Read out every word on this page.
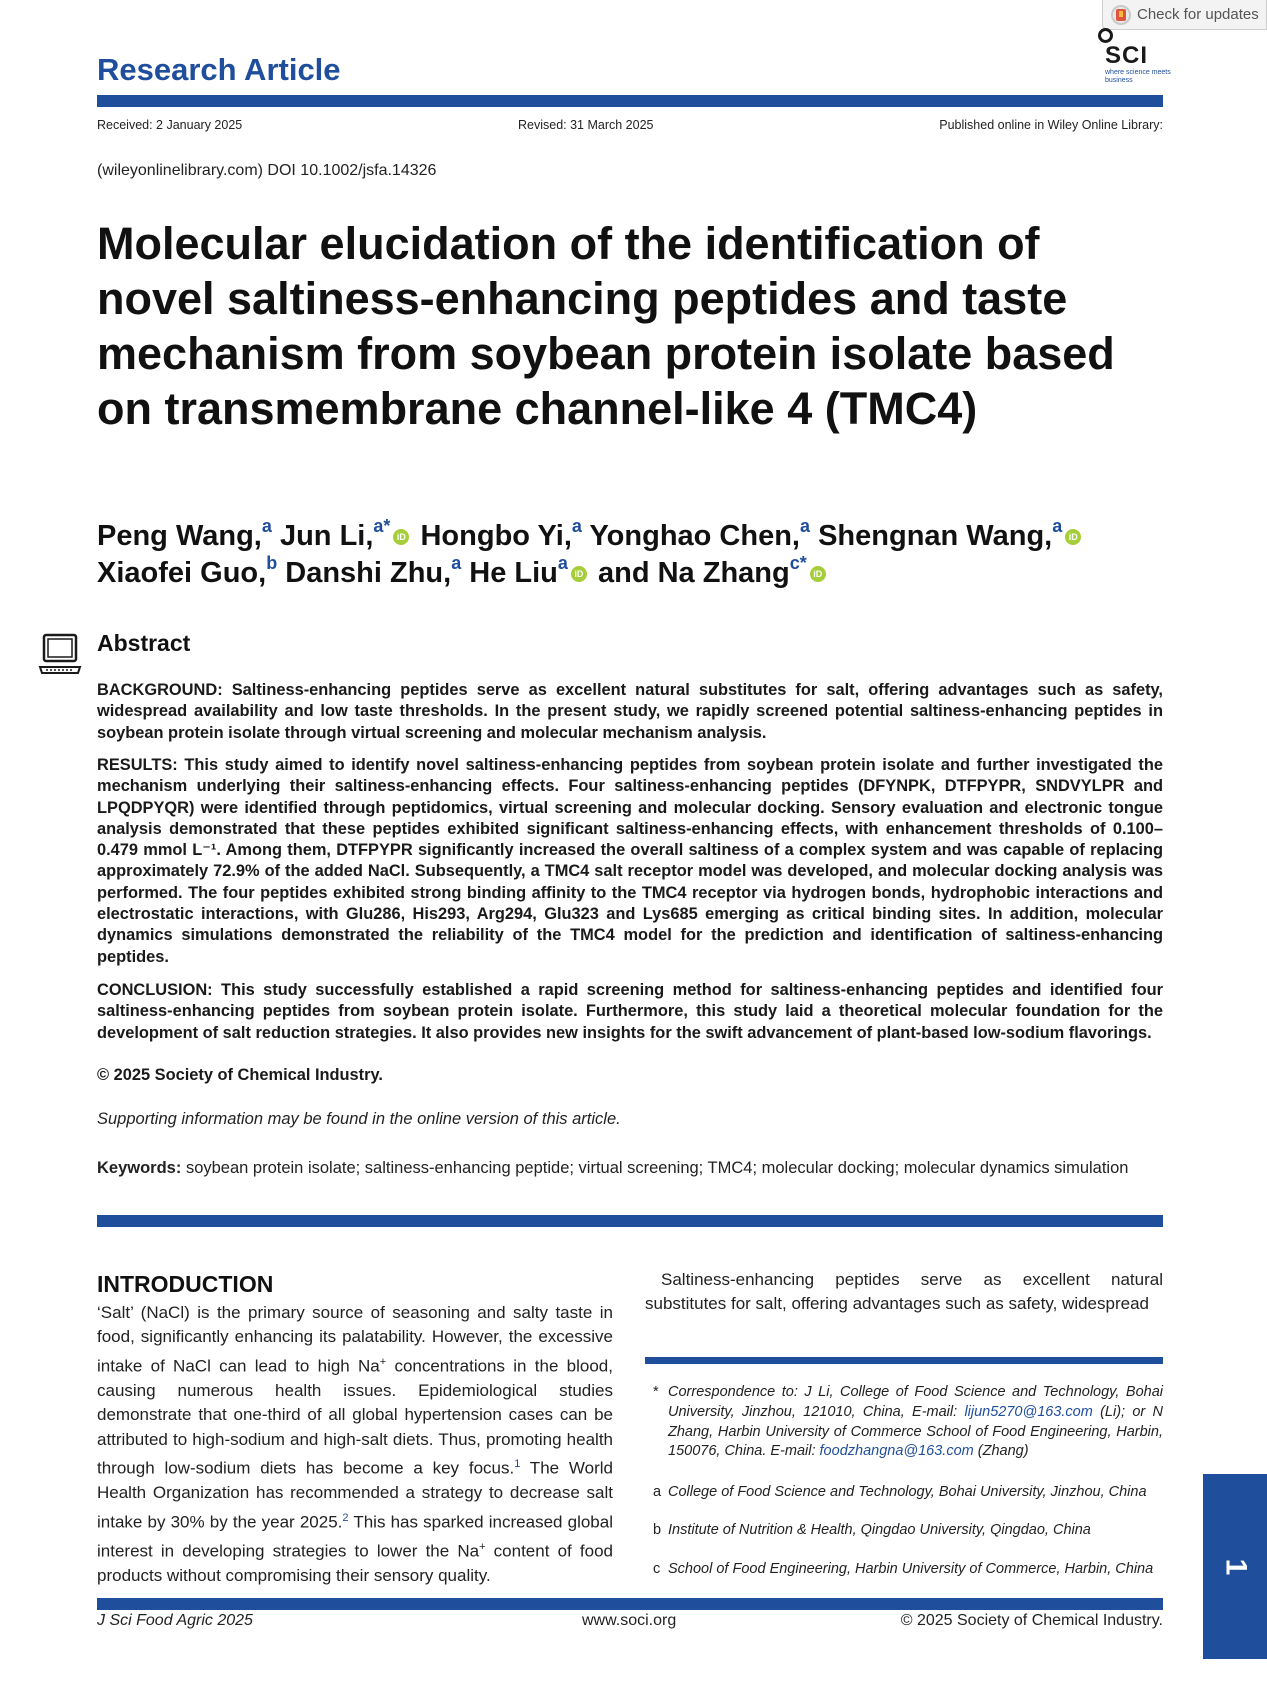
Check for updates
SCI
where science meets business
Research Article
Received: 2 January 2025	Revised: 31 March 2025	Published online in Wiley Online Library:
(wileyonlinelibrary.com) DOI 10.1002/jsfa.14326
Molecular elucidation of the identification of novel saltiness-enhancing peptides and taste mechanism from soybean protein isolate based on transmembrane channel-like 4 (TMC4)
Peng Wang,$^a$ Jun Li,$^{a*}$iD Hongbo Yi,$^a$ Yonghao Chen,$^a$ Shengnan Wang,$^a$iD
Xiaofei Guo,$^b$ Danshi Zhu,$^a$ He Liu$^a$iD and Na Zhang$^{c*}$iD
Abstract

BACKGROUND: Saltiness-enhancing peptides serve as excellent natural substitutes for salt, offering advantages such as safety, widespread availability and low taste thresholds. In the present study, we rapidly screened potential saltiness-enhancing peptides in soybean protein isolate through virtual screening and molecular mechanism analysis.

RESULTS: This study aimed to identify novel saltiness-enhancing peptides from soybean protein isolate and further investigated the mechanism underlying their saltiness-enhancing effects. Four saltiness-enhancing peptides (DFYNPK, DTFPYPR, SNDVYLPR and LPQDPYQR) were identified through peptidomics, virtual screening and molecular docking. Sensory evaluation and electronic tongue analysis demonstrated that these peptides exhibited significant saltiness-enhancing effects, with enhancement thresholds of 0.100–0.479 mmol L⁻¹. Among them, DTFPYPR significantly increased the overall saltiness of a complex system and was capable of replacing approximately 72.9% of the added NaCl. Subsequently, a TMC4 salt receptor model was developed, and molecular docking analysis was performed. The four peptides exhibited strong binding affinity to the TMC4 receptor via hydrogen bonds, hydrophobic interactions and electrostatic interactions, with Glu286, His293, Arg294, Glu323 and Lys685 emerging as critical binding sites. In addition, molecular dynamics simulations demonstrated the reliability of the TMC4 model for the prediction and identification of saltiness-enhancing peptides.

CONCLUSION: This study successfully established a rapid screening method for saltiness-enhancing peptides and identified four saltiness-enhancing peptides from soybean protein isolate. Furthermore, this study laid a theoretical molecular foundation for the development of salt reduction strategies. It also provides new insights for the swift advancement of plant-based low-sodium flavorings.

© 2025 Society of Chemical Industry.

Supporting information may be found in the online version of this article.

Keywords: soybean protein isolate; saltiness-enhancing peptide; virtual screening; TMC4; molecular docking; molecular dynamics simulation

INTRODUCTION

‘Salt’ (NaCl) is the primary source of seasoning and salty taste in food, significantly enhancing its palatability. However, the excessive intake of NaCl can lead to high Na+ concentrations in the blood, causing numerous health issues. Epidemiological studies demonstrate that one-third of all global hypertension cases can be attributed to high-sodium and high-salt diets. Thus, promoting health through low-sodium diets has become a key focus.$^1$ The World Health Organization has recommended a strategy to decrease salt intake by 30% by the year 2025.$^2$ This has sparked increased global interest in developing strategies to lower the Na+ content of food products without compromising their sensory quality.

Saltiness-enhancing peptides serve as excellent natural substitutes for salt, offering advantages such as safety, widespread

* Correspondence to: J Li, College of Food Science and Technology, Bohai University, Jinzhou, 121010, China, E-mail: lijun5270@163.com (Li); or N Zhang, Harbin University of Commerce School of Food Engineering, Harbin, 150076, China. E-mail: foodzhangna@163.com (Zhang)

a College of Food Science and Technology, Bohai University, Jinzhou, China

b Institute of Nutrition & Health, Qingdao University, Qingdao, China

c School of Food Engineering, Harbin University of Commerce, Harbin, China

J Sci Food Agric 2025	www.soci.org	© 2025 Society of Chemical Industry.
1
